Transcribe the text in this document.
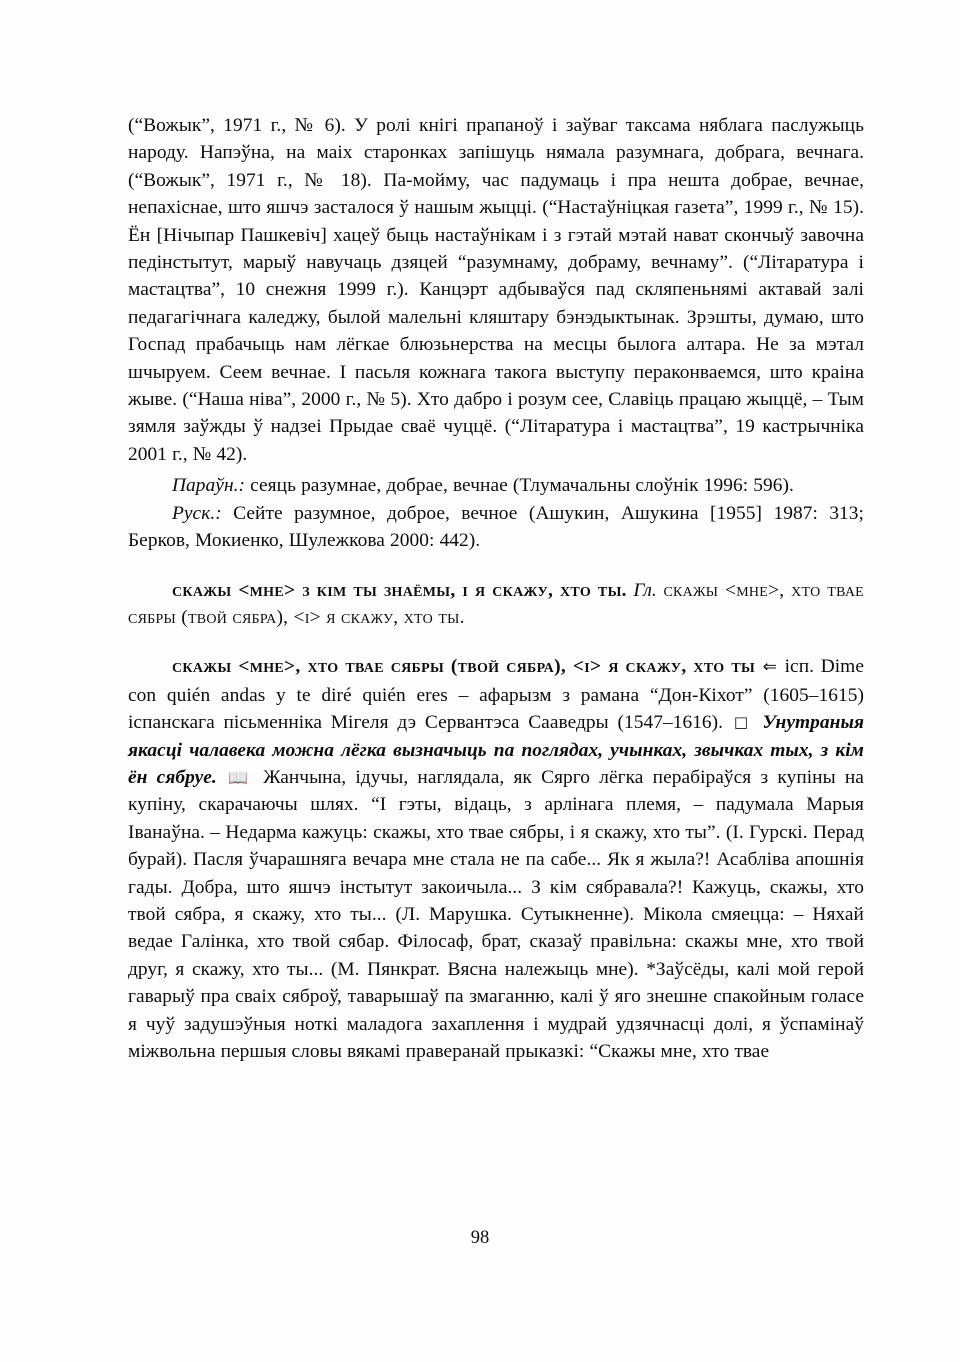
(“Вожык”, 1971 г., № 6). У ролі кнігі прапаноў і заўваг таксама няблага паслужыць народу. Напэўна, на маіх старонках запішуць нямала разумнага, добрага, вечнага. (“Вожык”, 1971 г., № 18). Па-мойму, час падумаць і пра нешта добрае, вечнае, непахіснае, што яшчэ засталося ў нашым жыцці. (“Настаўніцкая газета”, 1999 г., № 15). Ён [Нічыпар Пашкевіч] хацеў быць настаўнікам і з гэтай мэтай нават скончыў завочна педінстытут, марыў навучаць дзяцей “разумнаму, добраму, вечнаму”. (“Літаратура і мастацтва”, 10 снежня 1999 г.). Канцэрт адбываўся пад скляпеньнямі актавай залі педагагічнага каледжу, былой малельні кляштару бэнэдыктынак. Зрэшты, думаю, што Госпад прабачыць нам лёгкае блюзьнерства на месцы былога алтара. Не за мэтал шчыруем. Сеем вечнае. І пасьля кожнага такога выступу пераконваемся, што краіна жыве. (“Наша ніва”, 2000 г., № 5). Хто дабро і розум сее, Славіць працаю жыццё, – Тым зямля заўжды ў надзеі Прыдае сваё чуццё. (“Літаратура і мастацтва”, 19 кастрычніка 2001 г., № 42).

Параўн.: сеяць разумнае, добрае, вечнае (Тлумачальны слоўнік 1996: 596).

Руск.: Сейте разумное, доброе, вечное (Ашукин, Ашукина [1955] 1987: 313; Берков, Мокиенко, Шулежкова 2000: 442).

скажы <мне> з кім ты знаёмы, і я скажу, хто ты. Гл. скажы <мне>, хто твае сябры (твой сябра), <і> я скажу, хто ты.

скажы <мне>, хто твае сябры (твой сябра), <і> я скажу, хто ты ⇐ ісп. Dime con quién andas y te diré quién eres – афарызм з рамана “Дон-Кіхот” (1605–1615) іспанскага пісьменніка Мігеля дэ Сервантэса Сааведры (1547–1616). □ Унутраныя якасці чалавека можна лёгка вызначыць па поглядах, учынках, звычках тых, з кім ён сябруе. 📖 Жанчына, ідучы, наглядала, як Сярго лёгка перабіраўся з купіны на купіну, скарачаючы шлях. “І гэты, відаць, з арлінага племя, – падумала Марыя Іванаўна. – Недарма кажуць: скажы, хто твае сябры, і я скажу, хто ты”. (І. Гурскі. Перад бурай). Пасля ўчарашняга вечара мне стала не па сабе... Як я жыла?! Асабліва апошнія гады. Добра, што яшчэ інстытут закоичыла... З кім сябравала?! Кажуць, скажы, хто твой сябра, я скажу, хто ты... (Л. Марушка. Сутыкненне). Мікола смяецца: – Няхай ведае Галінка, хто твой сябар. Філосаф, брат, сказаў правільна: скажы мне, хто твой друг, я скажу, хто ты... (М. Пянкрат. Вясна належыць мне). *Заўсёды, калі мой герой гаварыў пра сваіх сяброў, таварышаў па змаганню, калі ў яго знешне спакойным голасе я чуў задушэўныя ноткі маладога захаплення і мудрай удзячнасці долі, я ўспамінаў міжвольна першыя словы вякамі праверанай прыказкі: “Скажы мне, хто твае

98
